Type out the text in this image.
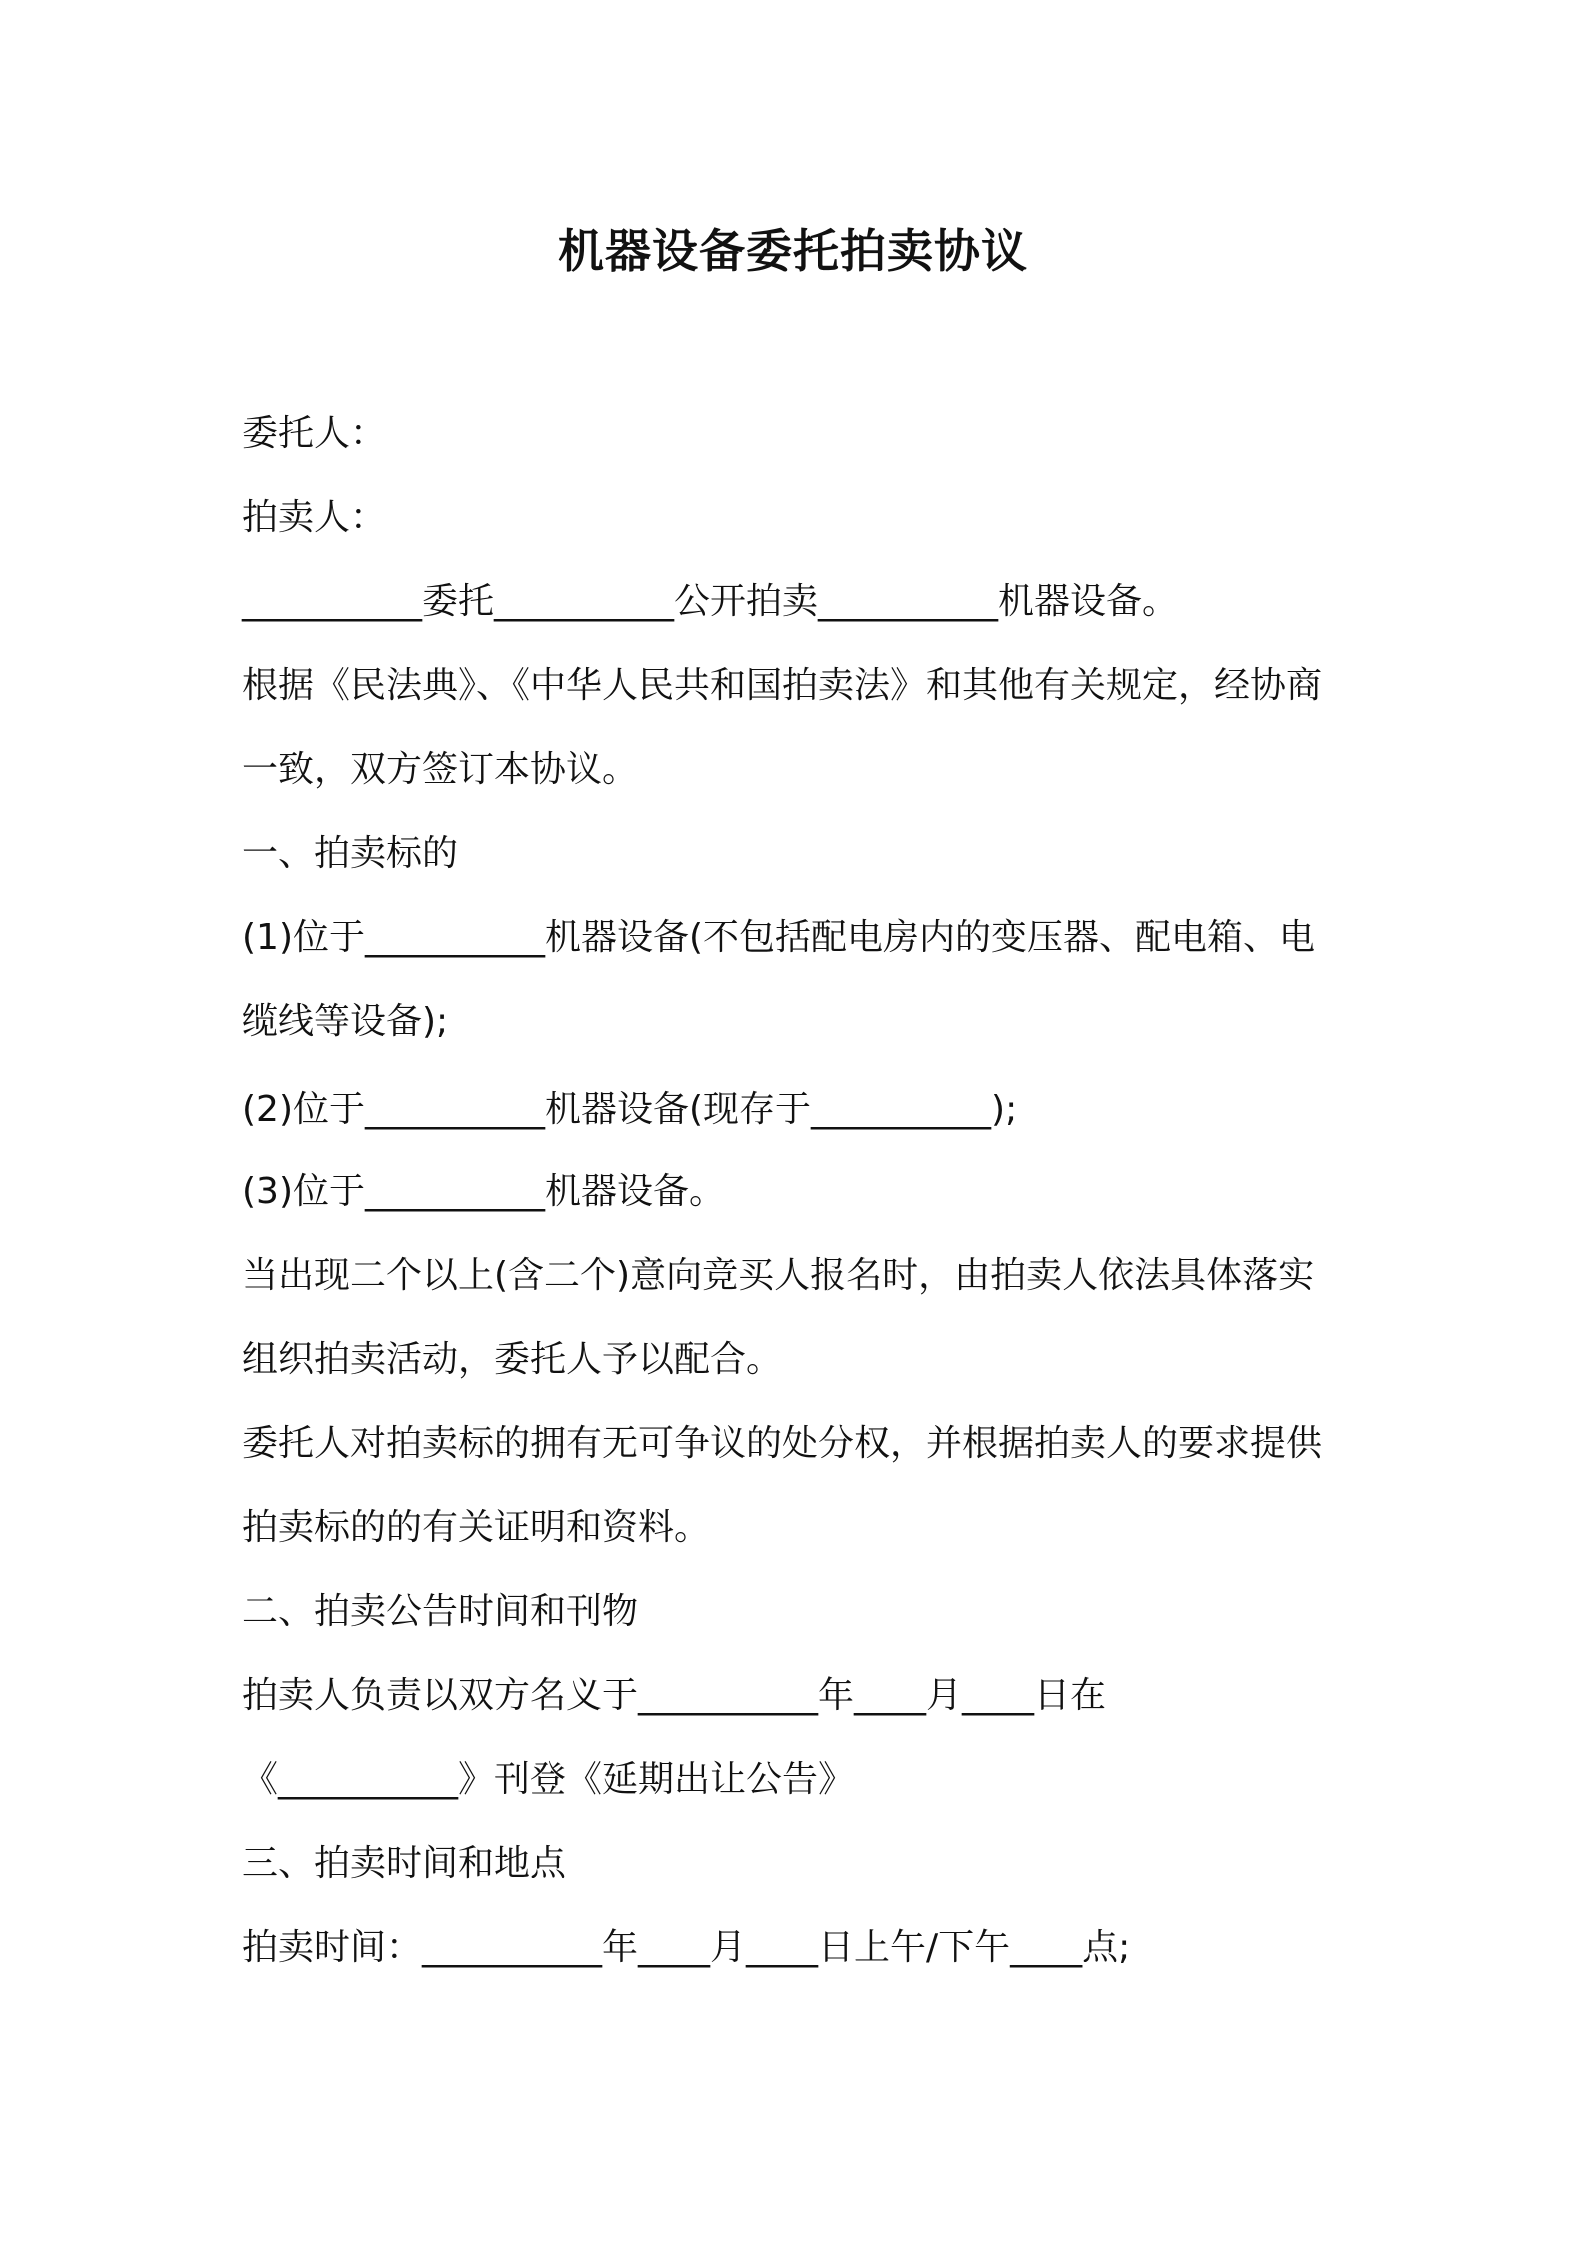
机器设备委托拍卖协议
委托人：
拍卖人：
__________委托__________公开拍卖__________机器设备。
根据《民法典》、《中华人民共和国拍卖法》和其他有关规定，经协商
一致，双方签订本协议。
一、拍卖标的
(1)位于__________机器设备(不包括配电房内的变压器、配电箱、电
缆线等设备);
(2)位于__________机器设备(现存于__________);
(3)位于__________机器设备。
当出现二个以上(含二个)意向竞买人报名时，由拍卖人依法具体落实
组织拍卖活动，委托人予以配合。
委托人对拍卖标的拥有无可争议的处分权，并根据拍卖人的要求提供
拍卖标的的有关证明和资料。
二、拍卖公告时间和刊物
拍卖人负责以双方名义于__________年____月____日在
《__________》刊登《延期出让公告》
三、拍卖时间和地点
拍卖时间：__________年____月____日上午/下午____点;
